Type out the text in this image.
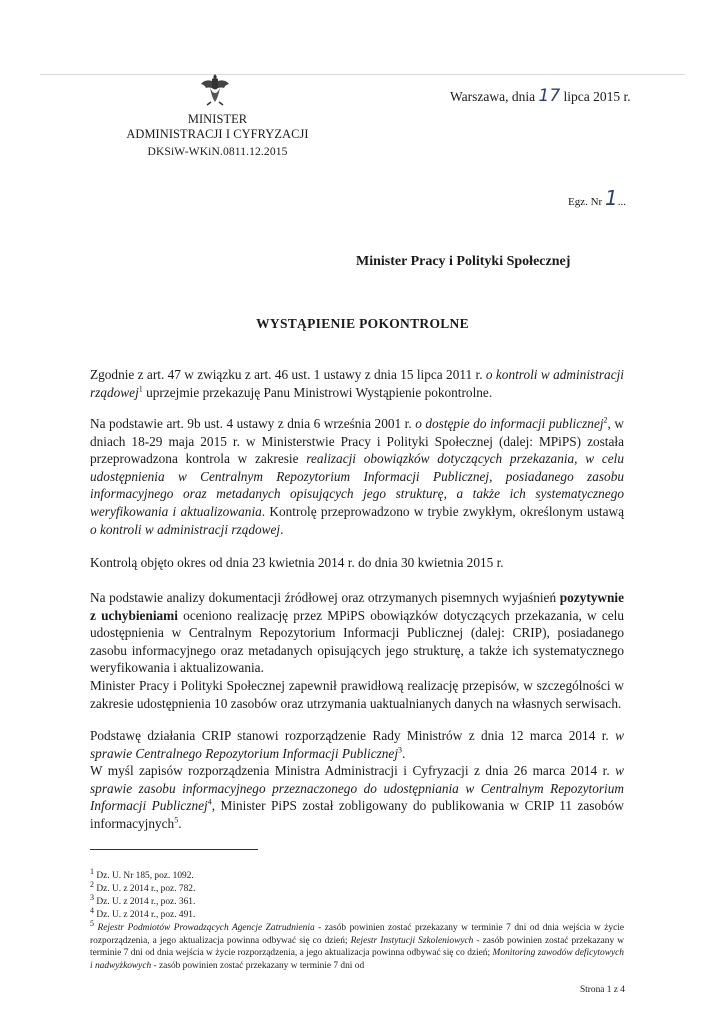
MINISTER
ADMINISTRACJI I CYFRYZACJI
DKSiW-WKiN.0811.12.2015
Warszawa, dnia 17 lipca 2015 r.
Egz. Nr 1...
Minister Pracy i Polityki Społecznej
WYSTĄPIENIE POKONTROLNE
Zgodnie z art. 47 w związku z art. 46 ust. 1 ustawy z dnia 15 lipca 2011 r. o kontroli w administracji rządowej$^1$ uprzejmie przekazuję Panu Ministrowi Wystąpienie pokontrolne.
Na podstawie art. 9b ust. 4 ustawy z dnia 6 września 2001 r. o dostępie do informacji publicznej$^2$, w dniach 18-29 maja 2015 r. w Ministerstwie Pracy i Polityki Społecznej (dalej: MPiPS) została przeprowadzona kontrola w zakresie realizacji obowiązków dotyczących przekazania, w celu udostępnienia w Centralnym Repozytorium Informacji Publicznej, posiadanego zasobu informacyjnego oraz metadanych opisujących jego strukturę, a także ich systematycznego weryfikowania i aktualizowania. Kontrolę przeprowadzono w trybie zwykłym, określonym ustawą o kontroli w administracji rządowej.
Kontrolą objęto okres od dnia 23 kwietnia 2014 r. do dnia 30 kwietnia 2015 r.
Na podstawie analizy dokumentacji źródłowej oraz otrzymanych pisemnych wyjaśnień pozytywnie z uchybieniami oceniono realizację przez MPiPS obowiązków dotyczących przekazania, w celu udostępnienia w Centralnym Repozytorium Informacji Publicznej (dalej: CRIP), posiadanego zasobu informacyjnego oraz metadanych opisujących jego strukturę, a także ich systematycznego weryfikowania i aktualizowania.
Minister Pracy i Polityki Społecznej zapewnił prawidłową realizację przepisów, w szczególności w zakresie udostępnienia 10 zasobów oraz utrzymania uaktualnianych danych na własnych serwisach.
Podstawę działania CRIP stanowi rozporządzenie Rady Ministrów z dnia 12 marca 2014 r. w sprawie Centralnego Repozytorium Informacji Publicznej$^3$.
W myśl zapisów rozporządzenia Ministra Administracji i Cyfryzacji z dnia 26 marca 2014 r. w sprawie zasobu informacyjnego przeznaczonego do udostępniania w Centralnym Repozytorium Informacji Publicznej$^4$, Minister PiPS został zobligowany do publikowania w CRIP 11 zasobów informacyjnych$^5$.
$^1$ Dz. U. Nr 185, poz. 1092.
$^2$ Dz. U. z 2014 r., poz. 782.
$^3$ Dz. U. z 2014 r., poz. 361.
$^4$ Dz. U. z 2014 r., poz. 491.
$^5$ Rejestr Podmiotów Prowadzących Agencje Zatrudnienia - zasób powinien zostać przekazany w terminie 7 dni od dnia wejścia w życie rozporządzenia, a jego aktualizacja powinna odbywać się co dzień; Rejestr Instytucji Szkoleniowych - zasób powinien zostać przekazany w terminie 7 dni od dnia wejścia w życie rozporządzenia, a jego aktualizacja powinna odbywać się co dzień; Monitoring zawodów deficytowych i nadwyżkowych - zasób powinien zostać przekazany w terminie 7 dni od
Strona 1 z 4
